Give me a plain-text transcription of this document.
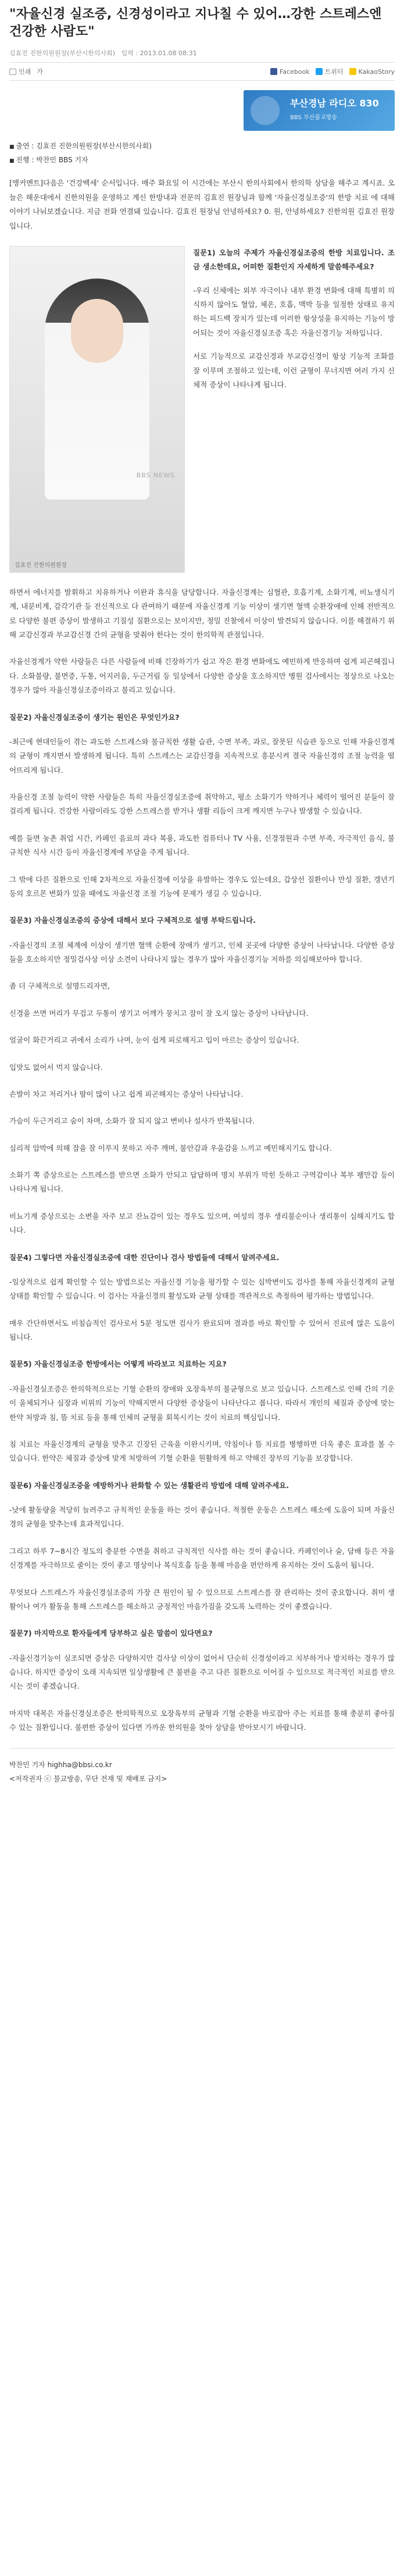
"자율신경 실조증, 신경성이라고 지나칠 수 있어…강한 스트레스엔 건강한 사람도"
김효진 진한의원원장(부산시한의사회) 입력 : 2013.01.08 08:31
인쇄 가	Facebook 트위터 KakaoStory
부산경남 라디오 830
BBS 부산불교방송
■ 출연 : 김효진 진한의원원장(부산시한의사회)
■ 진행 : 박찬민 BBS 기자

[앵커멘트]다음은 '건강백세' 순서입니다. 매주 화요일 이 시간에는 부산시 한의사회에서 한의학 상담을 해주고 계시죠. 오늘은 해운대에서 진한의원을 운영하고 계신 한방내과 전문의 김효진 원장님과 함께 '자율신경실조증'의 한방 치료 에 대해 이야기 나눠보겠습니다. 지금 전화 연결돼 있습니다. 김효진 원장님 안녕하세요? 0. 원, 안녕하세요? 진한의원 김효진 원장입니다.

BBS NEWS
김효진 진한의원원장

질문1) 오늘의 주제가 자율신경실조증의 한방 치료입니다. 조금 생소한데요, 어떠한 질환인지 자세하게 말씀해주세요?

-우리 신체에는 외부 자극이나 내부 환경 변화에 대해 특별히 의식하지 않아도 혈압, 체온, 호흡, 맥박 등을 일정한 상태로 유지하는 피드백 장치가 있는데 이러한 항상성을 유지하는 기능이 방어되는 것이 자율신경실조증 혹은 자율신경기능 저하입니다.

서로 기능적으로 교감신경과 부교감신경이 항상 기능적 조화를 잘 이루며 조절하고 있는데, 이런 균형이 무너지면 여러 가지 신체적 증상이 나타나게 됩니다.

하면서 에너지를 발휘하고 치유하거나 이완과 휴식을 담당합니다. 자율신경계는 심혈관, 호흡기계, 소화기계, 비뇨생식기계, 내분비계, 감각기관 등 전신적으로 다 관여하기 때문에 자율신경계 기능 이상이 생기면 혈액 순환장애에 인해 전반적으로 다양한 불편 증상이 발생하고 기질성 질환으로는 보이지만, 정밀 진찰에서 이상이 발견되지 않습니다. 이를 해결하기 위해 교감신경과 부교감신경 간의 균형을 맞춰야 한다는 것이 한의학적 관점입니다.

자율신경계가 약한 사람들은 다른 사람들에 비해 긴장하기가 쉽고 작은 환경 변화에도 예민하게 반응하며 쉽게 피곤해집니다. 소화불량, 불면증, 두통, 어지러움, 두근거림 등 일상에서 다양한 증상을 호소하지만 병원 검사에서는 정상으로 나오는 경우가 많아 자율신경실조증이라고 불리고 있습니다.

질문2) 자율신경실조증이 생기는 원인은 무엇인가요?

-최근에 현대인들이 겪는 과도한 스트레스와 불규칙한 생활 습관, 수면 부족, 과로, 잘못된 식습관 등으로 인해 자율신경계의 균형이 깨지면서 발생하게 됩니다. 특히 스트레스는 교감신경을 지속적으로 흥분시켜 결국 자율신경의 조절 능력을 떨어뜨리게 됩니다.

자율신경 조절 능력이 약한 사람들은 특히 자율신경실조증에 취약하고, 평소 소화기가 약하거나 체력이 떨어진 분들이 잘 걸리게 됩니다. 건강한 사람이라도 강한 스트레스를 받거나 생활 리듬이 크게 깨지면 누구나 발생할 수 있습니다.

예를 들면 농촌 취업 시간, 카페인 음료의 과다 복용, 과도한 컴퓨터나 TV 사용, 신경정원과 수면 부족, 자극적인 음식, 불규칙한 식사 시간 등이 자율신경계에 부담을 주게 됩니다.

그 밖에 다른 질환으로 인해 2차적으로 자율신경에 이상을 유발하는 경우도 있는데요, 갑상선 질환이나 만성 질환, 갱년기 등의 호르몬 변화가 있을 때에도 자율신경 조절 기능에 문제가 생길 수 있습니다.

질문3) 자율신경실조증의 증상에 대해서 보다 구체적으로 설명 부탁드립니다.

-자율신경의 조절 체계에 이상이 생기면 혈액 순환에 장애가 생기고, 인체 곳곳에 다양한 증상이 나타납니다. 다양한 증상들을 호소하지만 정밀검사상 이상 소견이 나타나지 않는 경우가 많아 자율신경기능 저하를 의심해보아야 합니다.

좀 더 구체적으로 설명드리자면,

신경을 쓰면 머리가 무겁고 두통이 생기고 어깨가 뭉치고 잠이 잘 오지 않는 증상이 나타납니다.

얼굴이 화끈거리고 귀에서 소리가 나며, 눈이 쉽게 피로해지고 입이 마르는 증상이 있습니다.

입맛도 없어서 먹지 않습니다.

손발이 차고 저리거나 땀이 많이 나고 쉽게 피곤해지는 증상이 나타납니다.

가슴이 두근거리고 숨이 차며, 소화가 잘 되지 않고 변비나 설사가 반복됩니다.

심리적 압박에 의해 잠을 잘 이루지 못하고 자주 깨며, 불안감과 우울감을 느끼고 예민해지기도 합니다.

소화기 쪽 증상으로는 스트레스를 받으면 소화가 안되고 답답하며 명치 부위가 막힌 듯하고 구역감이나 복부 팽만감 등이 나타나게 됩니다.

비뇨기계 증상으로는 소변을 자주 보고 잔뇨감이 있는 경우도 있으며, 여성의 경우 생리불순이나 생리통이 심해지기도 합니다.

질문4) 그렇다면 자율신경실조증에 대한 진단이나 검사 방법들에 대해서 알려주세요.

-일상적으로 쉽게 확인할 수 있는 방법으로는 자율신경 기능을 평가할 수 있는 심박변이도 검사를 통해 자율신경계의 균형 상태를 확인할 수 있습니다. 이 검사는 자율신경의 활성도와 균형 상태를 객관적으로 측정하여 평가하는 방법입니다.

매우 간단하면서도 비침습적인 검사로서 5분 정도면 검사가 완료되며 결과를 바로 확인할 수 있어서 진료에 많은 도움이 됩니다.

질문5) 자율신경실조증 한방에서는 어떻게 바라보고 치료하는 지요?

-자율신경실조증은 한의학적으로는 기혈 순환의 장애와 오장육부의 불균형으로 보고 있습니다. 스트레스로 인해 간의 기운이 울체되거나 심장과 비위의 기능이 약해지면서 다양한 증상들이 나타난다고 봅니다. 따라서 개인의 체질과 증상에 맞는 한약 처방과 침, 뜸 치료 등을 통해 인체의 균형을 회복시키는 것이 치료의 핵심입니다.

침 치료는 자율신경계의 균형을 맞추고 긴장된 근육을 이완시키며, 약침이나 뜸 치료를 병행하면 더욱 좋은 효과를 볼 수 있습니다. 한약은 체질과 증상에 맞게 처방하여 기혈 순환을 원활하게 하고 약해진 장부의 기능을 보강합니다.

질문6) 자율신경실조증을 예방하거나 완화할 수 있는 생활관리 방법에 대해 알려주세요.

-낮에 활동량을 적당히 늘려주고 규칙적인 운동을 하는 것이 좋습니다. 적절한 운동은 스트레스 해소에 도움이 되며 자율신경의 균형을 맞추는데 효과적입니다.

그리고 하루 7~8시간 정도의 충분한 수면을 취하고 규칙적인 식사를 하는 것이 좋습니다. 카페인이나 술, 담배 등은 자율신경계를 자극하므로 줄이는 것이 좋고 명상이나 복식호흡 등을 통해 마음을 편안하게 유지하는 것이 도움이 됩니다.

무엇보다 스트레스가 자율신경실조증의 가장 큰 원인이 될 수 있으므로 스트레스를 잘 관리하는 것이 중요합니다. 취미 생활이나 여가 활동을 통해 스트레스를 해소하고 긍정적인 마음가짐을 갖도록 노력하는 것이 좋겠습니다.

질문7) 마지막으로 환자들에게 당부하고 싶은 말씀이 있다면요?

-자율신경기능이 실조되면 증상은 다양하지만 검사상 이상이 없어서 단순히 신경성이라고 치부하거나 방치하는 경우가 많습니다. 하지만 증상이 오래 지속되면 일상생활에 큰 불편을 주고 다른 질환으로 이어질 수 있으므로 적극적인 치료를 받으시는 것이 좋겠습니다.

마지막 대목은 자율신경실조증은 한의학적으로 오장육부의 균형과 기혈 순환을 바로잡아 주는 치료를 통해 충분히 좋아질 수 있는 질환입니다. 불편한 증상이 있다면 가까운 한의원을 찾아 상담을 받아보시기 바랍니다.

박찬민 기자 highha@bbsi.co.kr
<저작권자 ⓒ 불교방송, 무단 전재 및 재배포 금지>
